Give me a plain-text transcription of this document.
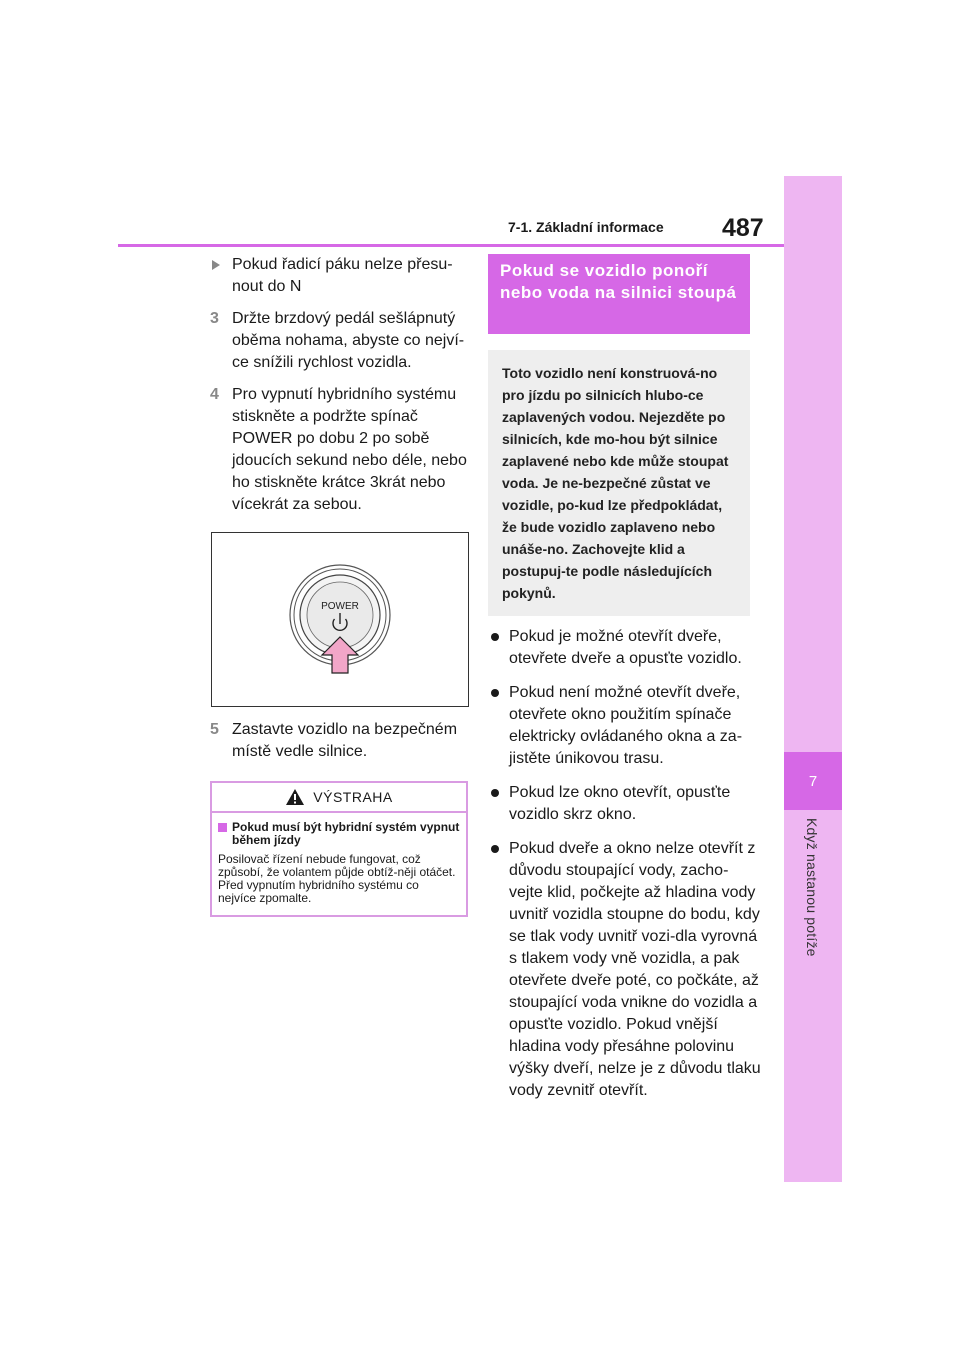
7
Když nastanou potíže
7-1. Základní informace 487
Pokud řadicí páku nelze přesu-nout do N
3 Držte brzdový pedál sešlápnutý oběma nohama, abyste co nejví-ce snížili rychlost vozidla.
4 Pro vypnutí hybridního systému stiskněte a podržte spínač POWER po dobu 2 po sobě jdoucích sekund nebo déle, nebo ho stiskněte krátce 3krát nebo vícekrát za sebou.
POWER
5 Zastavte vozidlo na bezpečném místě vedle silnice.
VÝSTRAHA
Pokud musí být hybridní systém vypnut během jízdy
Posilovač řízení nebude fungovat, což způsobí, že volantem půjde obtíž-něji otáčet. Před vypnutím hybridního systému co nejvíce zpomalte.
Pokud se vozidlo ponoří nebo voda na silnici stoupá
Toto vozidlo není konstruová-no pro jízdu po silnicích hlubo-ce zaplavených vodou. Nejezděte po silnicích, kde mo-hou být silnice zaplavené nebo kde může stoupat voda. Je ne-bezpečné zůstat ve vozidle, po-kud lze předpokládat, že bude vozidlo zaplaveno nebo unáše-no. Zachovejte klid a postupuj-te podle následujících pokynů.
Pokud je možné otevřít dveře, otevřete dveře a opusťte vozidlo.
Pokud není možné otevřít dveře, otevřete okno použitím spínače elektricky ovládaného okna a za-jistěte únikovou trasu.
Pokud lze okno otevřít, opusťte vozidlo skrz okno.
Pokud dveře a okno nelze otevřít z důvodu stoupající vody, zacho-vejte klid, počkejte až hladina vody uvnitř vozidla stoupne do bodu, kdy se tlak vody uvnitř vozi-dla vyrovná s tlakem vody vně vozidla, a pak otevřete dveře poté, co počkáte, až stoupající voda vnikne do vozidla a opusťte vozidlo. Pokud vnější hladina vody přesáhne polovinu výšky dveří, nelze je z důvodu tlaku vody zevnitř otevřít.
